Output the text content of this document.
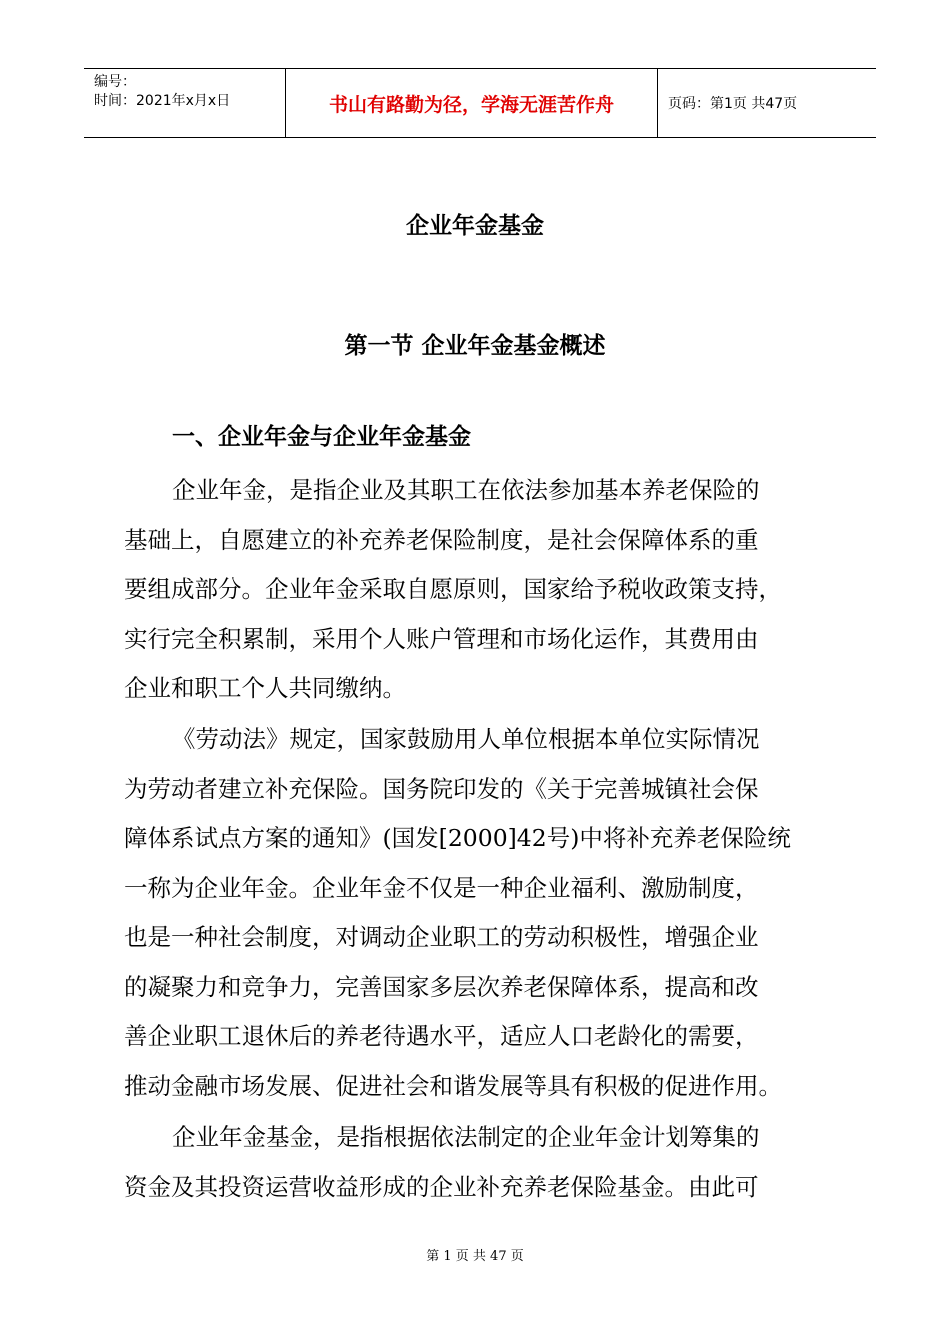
编号：
时间：2021年x月x日	书山有路勤为径，学海无涯苦作舟	页码：第1页 共47页
企业年金基金
第一节 企业年金基金概述
一、企业年金与企业年金基金
企业年金，是指企业及其职工在依法参加基本养老保险的
基础上，自愿建立的补充养老保险制度，是社会保障体系的重
要组成部分。企业年金采取自愿原则，国家给予税收政策支持，
实行完全积累制，采用个人账户管理和市场化运作，其费用由
企业和职工个人共同缴纳。
《劳动法》规定，国家鼓励用人单位根据本单位实际情况
为劳动者建立补充保险。国务院印发的《关于完善城镇社会保
障体系试点方案的通知》(国发[2000]42号)中将补充养老保险统
一称为企业年金。企业年金不仅是一种企业福利、激励制度，
也是一种社会制度，对调动企业职工的劳动积极性，增强企业
的凝聚力和竞争力，完善国家多层次养老保障体系，提高和改
善企业职工退休后的养老待遇水平，适应人口老龄化的需要，
推动金融市场发展、促进社会和谐发展等具有积极的促进作用。
企业年金基金，是指根据依法制定的企业年金计划筹集的
资金及其投资运营收益形成的企业补充养老保险基金。由此可
第 1 页 共 47 页
